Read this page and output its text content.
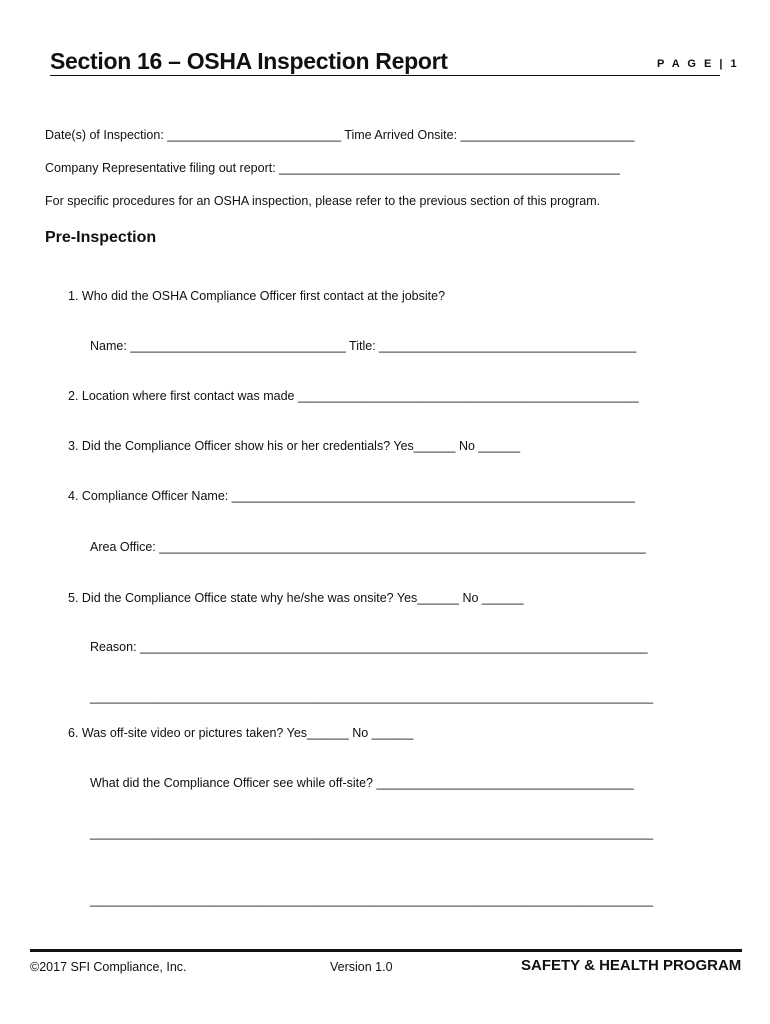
Section 16 – OSHA Inspection Report	P A G E | 1
Date(s) of Inspection: _________________________ Time Arrived Onsite: _________________________
Company Representative filing out report: _________________________________________________
For specific procedures for an OSHA inspection, please refer to the previous section of this program.
Pre-Inspection
1. Who did the OSHA Compliance Officer first contact at the jobsite?
Name: _______________________________ Title: _____________________________________
2. Location where first contact was made _________________________________________________
3. Did the Compliance Officer show his or her credentials? Yes______ No ______
4. Compliance Officer Name: __________________________________________________________
Area Office: ______________________________________________________________________
5. Did the Compliance Office state why he/she was onsite? Yes______ No ______
Reason: _________________________________________________________________________
_________________________________________________________________________________
6. Was off-site video or pictures taken? Yes______ No ______
What did the Compliance Officer see while off-site? _____________________________________
_________________________________________________________________________________
_________________________________________________________________________________
©2017 SFI Compliance, Inc.	Version 1.0	SAFETY & HEALTH PROGRAM
